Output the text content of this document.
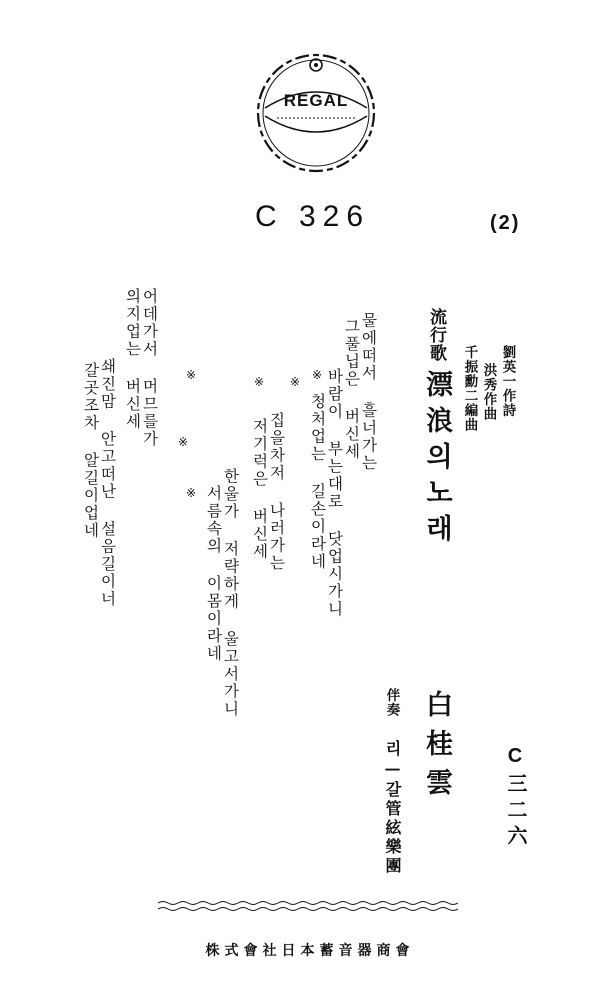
REGAL
C 326	(2)
劉英一作詩
洪秀作曲
千振勳二編曲
流行歌
漂浪의노래
伴奏 白桂雲
리—갈管絃樂團	C三二六
물에떠서 흘너가는
그풀닙은 버신세
바람이 부는대로 닷업시가니
청처업는 길손이라네
집을차저 나러가는
저기럭은 버신세
한울가 저략하게 울고서가니
서름속의 이몸이라네
어데가서 머므를가
의지업는 버신세
쇄진맘 안고떠난 설음길이너
갈곳조차 알길이업네	※
※
※
※
※
※
株式會社日本蓄音器商會
